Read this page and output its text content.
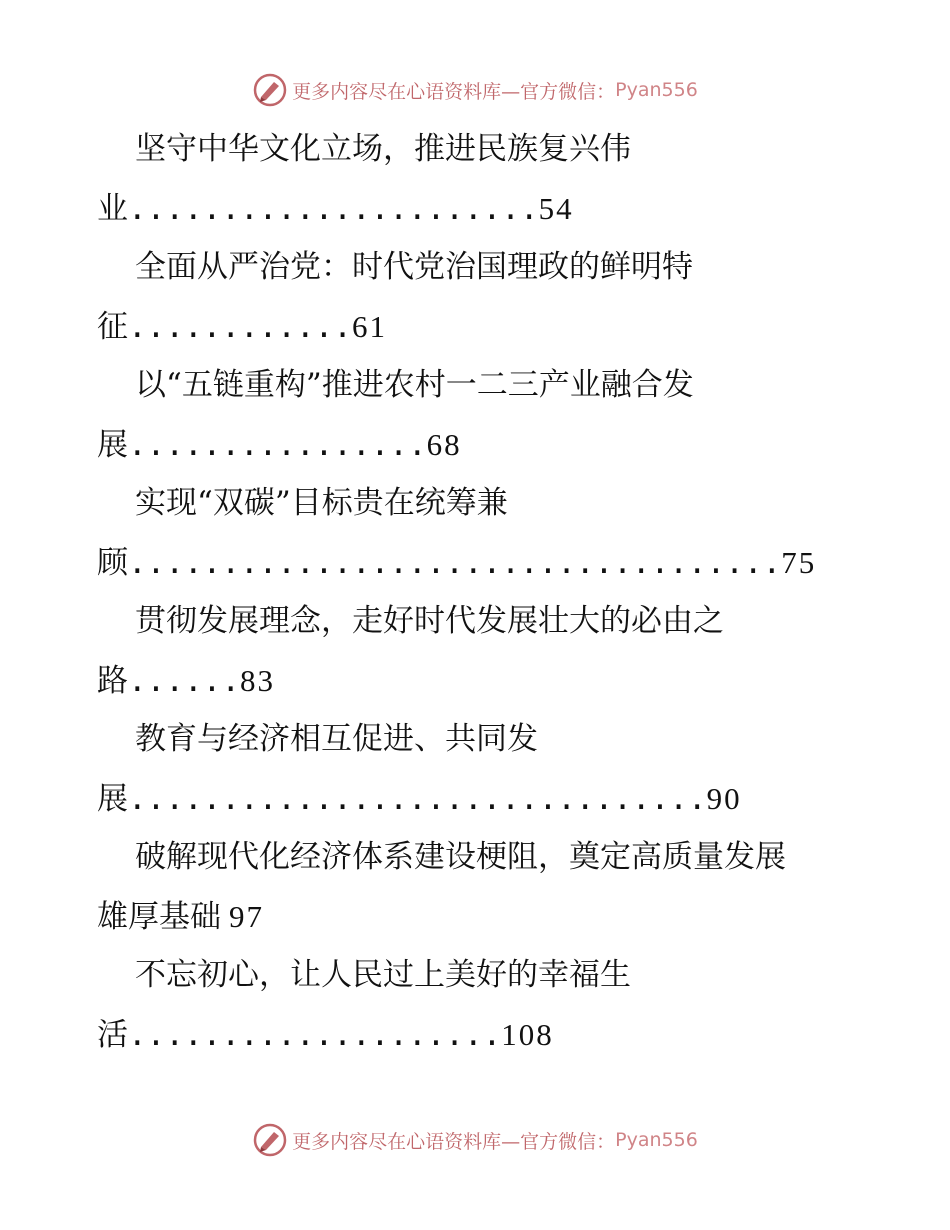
更多内容尽在心语资料库—官方微信： Pyan556
坚守中华文化立场，推进民族复兴伟
业......................54
全面从严治党：时代党治国理政的鲜明特
征............61
以“五链重构”推进农村一二三产业融合发
展................68
实现“双碳”目标贵在统筹兼
顾...................................75
贯彻发展理念，走好时代发展壮大的必由之
路......83
教育与经济相互促进、共同发
展...............................90
破解现代化经济体系建设梗阻，奠定高质量发展
雄厚基础 97
不忘初心，让人民过上美好的幸福生
活....................108
更多内容尽在心语资料库—官方微信： Pyan556
